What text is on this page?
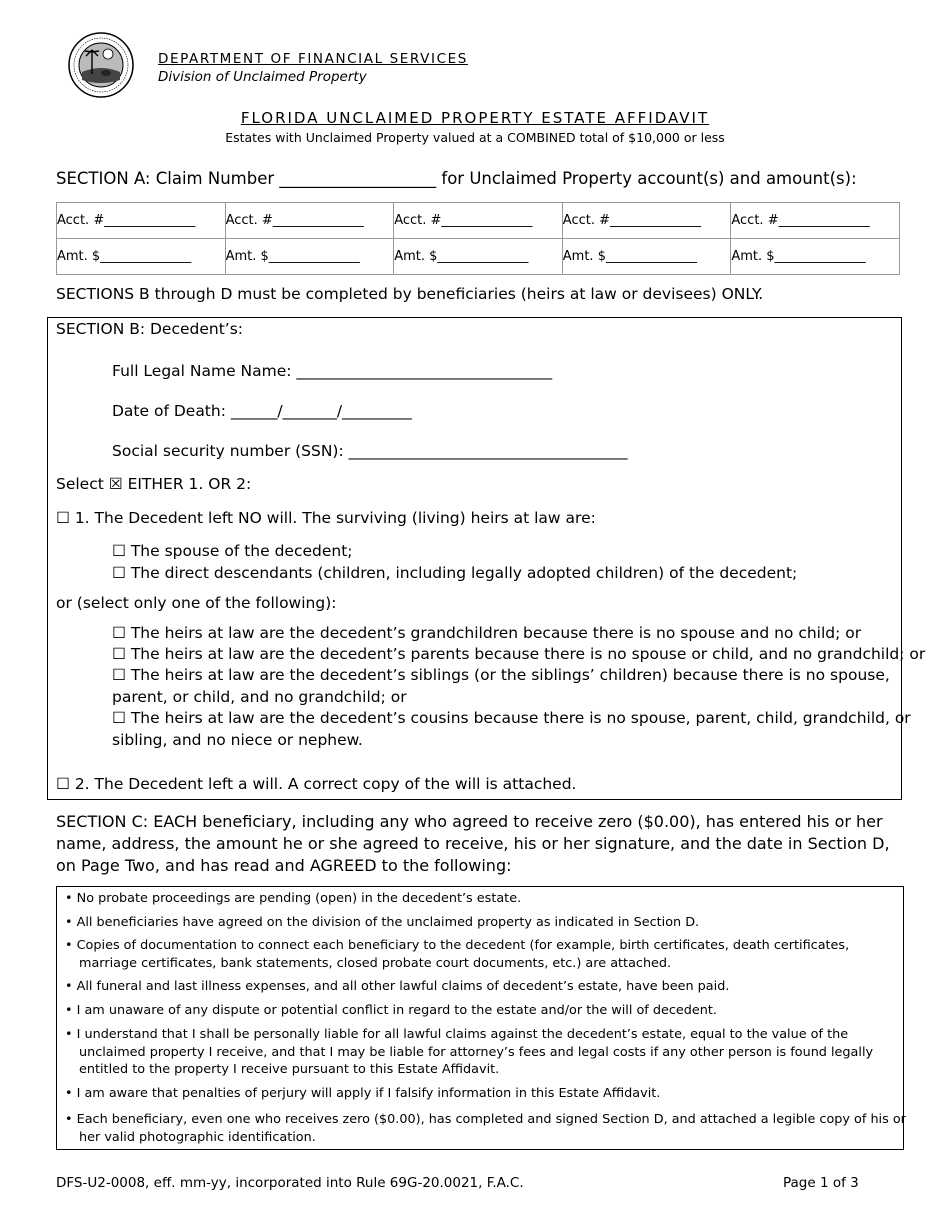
DEPARTMENT OF FINANCIAL SERVICES
Division of Unclaimed Property
FLORIDA UNCLAIMED PROPERTY ESTATE AFFIDAVIT
Estates with Unclaimed Property valued at a COMBINED total of $10,000 or less
SECTION A: Claim Number ___________________ for Unclaimed Property account(s) and amount(s):
Acct. #______________	Acct. #______________	Acct. #______________	Acct. #______________	Acct. #______________
Amt. $______________	Amt. $______________	Amt. $______________	Amt. $______________	Amt. $______________
SECTIONS B through D must be completed by beneficiaries (heirs at law or devisees) ONLY.
SECTION B: Decedent’s:
Full Legal Name Name: _________________________________
Date of Death: ______/_______/_________
Social security number (SSN): ____________________________________
Select ☒ EITHER 1. OR 2:
☐ 1. The Decedent left NO will. The surviving (living) heirs at law are:
☐ The spouse of the decedent;
☐ The direct descendants (children, including legally adopted children) of the decedent;
or (select only one of the following):
☐ The heirs at law are the decedent’s grandchildren because there is no spouse and no child; or
☐ The heirs at law are the decedent’s parents because there is no spouse or child, and no grandchild; or
☐ The heirs at law are the decedent’s siblings (or the siblings’ children) because there is no spouse,
parent, or child, and no grandchild; or
☐ The heirs at law are the decedent’s cousins because there is no spouse, parent, child, grandchild, or
sibling, and no niece or nephew.
☐ 2. The Decedent left a will. A correct copy of the will is attached.
SECTION C: EACH beneficiary, including any who agreed to receive zero ($0.00), has entered his or her name, address, the amount he or she agreed to receive, his or her signature, and the date in Section D, on Page Two, and has read and AGREED to the following:
• No probate proceedings are pending (open) in the decedent’s estate.
• All beneficiaries have agreed on the division of the unclaimed property as indicated in Section D.
• Copies of documentation to connect each beneficiary to the decedent (for example, birth certificates, death certificates, marriage certificates, bank statements, closed probate court documents, etc.) are attached.
• All funeral and last illness expenses, and all other lawful claims of decedent’s estate, have been paid.
• I am unaware of any dispute or potential conflict in regard to the estate and/or the will of decedent.
• I understand that I shall be personally liable for all lawful claims against the decedent’s estate, equal to the value of the unclaimed property I receive, and that I may be liable for attorney’s fees and legal costs if any other person is found legally entitled to the property I receive pursuant to this Estate Affidavit.
• I am aware that penalties of perjury will apply if I falsify information in this Estate Affidavit.
• Each beneficiary, even one who receives zero ($0.00), has completed and signed Section D, and attached a legible copy of his or her valid photographic identification.
DFS-U2-0008, eff. mm-yy, incorporated into Rule 69G-20.0021, F.A.C.	Page 1 of 3
